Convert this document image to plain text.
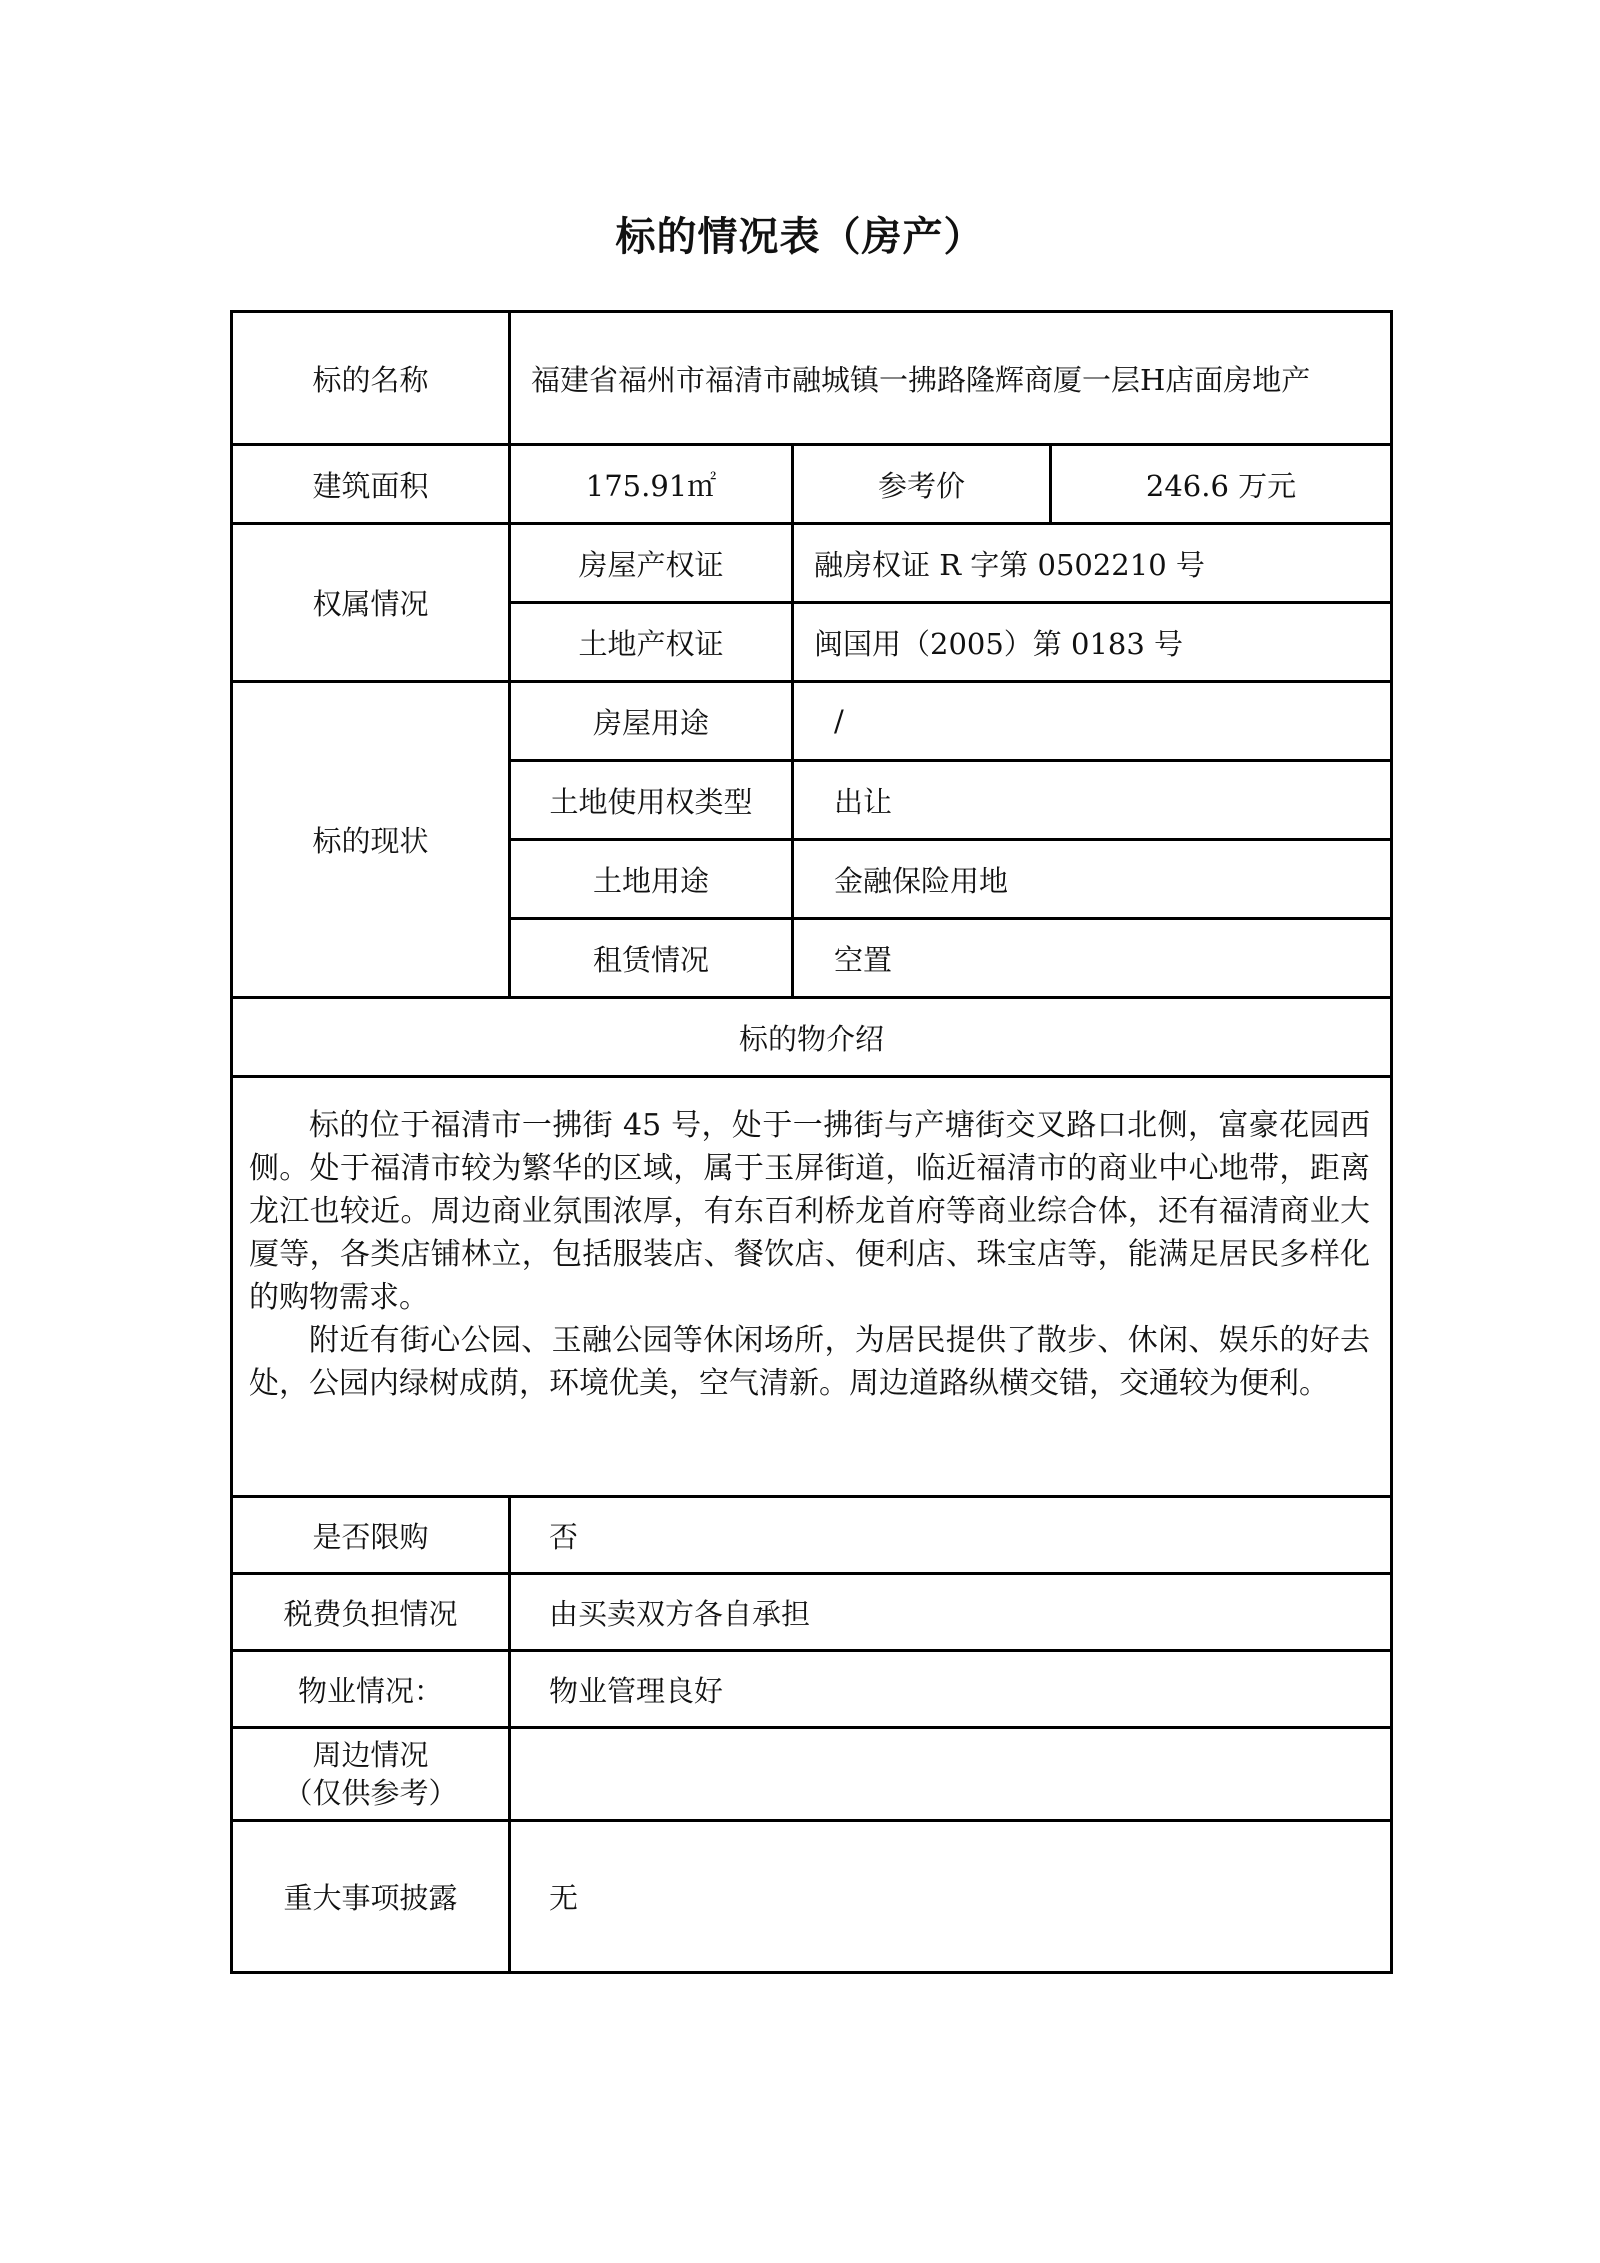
标的情况表（房产）
标的名称	福建省福州市福清市融城镇一拂路隆辉商厦一层H店面房地产		
建筑面积	175.91㎡	参考价	246.6 万元
权属情况	房屋产权证	融房权证 R 字第 0502210 号	
	土地产权证	闽国用（2005）第 0183 号	
标的现状	房屋用途	/	
	土地使用权类型	出让	
	土地用途	金融保险用地	
	租赁情况	空置	
标的物介绍			

标的位于福清市一拂街 45 号，处于一拂街与产塘街交叉路口北侧，富豪花园西侧。处于福清市较为繁华的区域，属于玉屏街道，临近福清市的商业中心地带，距离龙江也较近。周边商业氛围浓厚，有东百利桥龙首府等商业综合体，还有福清商业大厦等，各类店铺林立，包括服装店、餐饮店、便利店、珠宝店等，能满足居民多样化的购物需求。

附近有街心公园、玉融公园等休闲场所，为居民提供了散步、休闲、娱乐的好去处，公园内绿树成荫，环境优美，空气清新。周边道路纵横交错，交通较为便利。			

是否限购	否		
税费负担情况	由买卖双方各自承担		
物业情况：	物业管理良好		

周边情况
（仅供参考）			

重大事项披露	无		
